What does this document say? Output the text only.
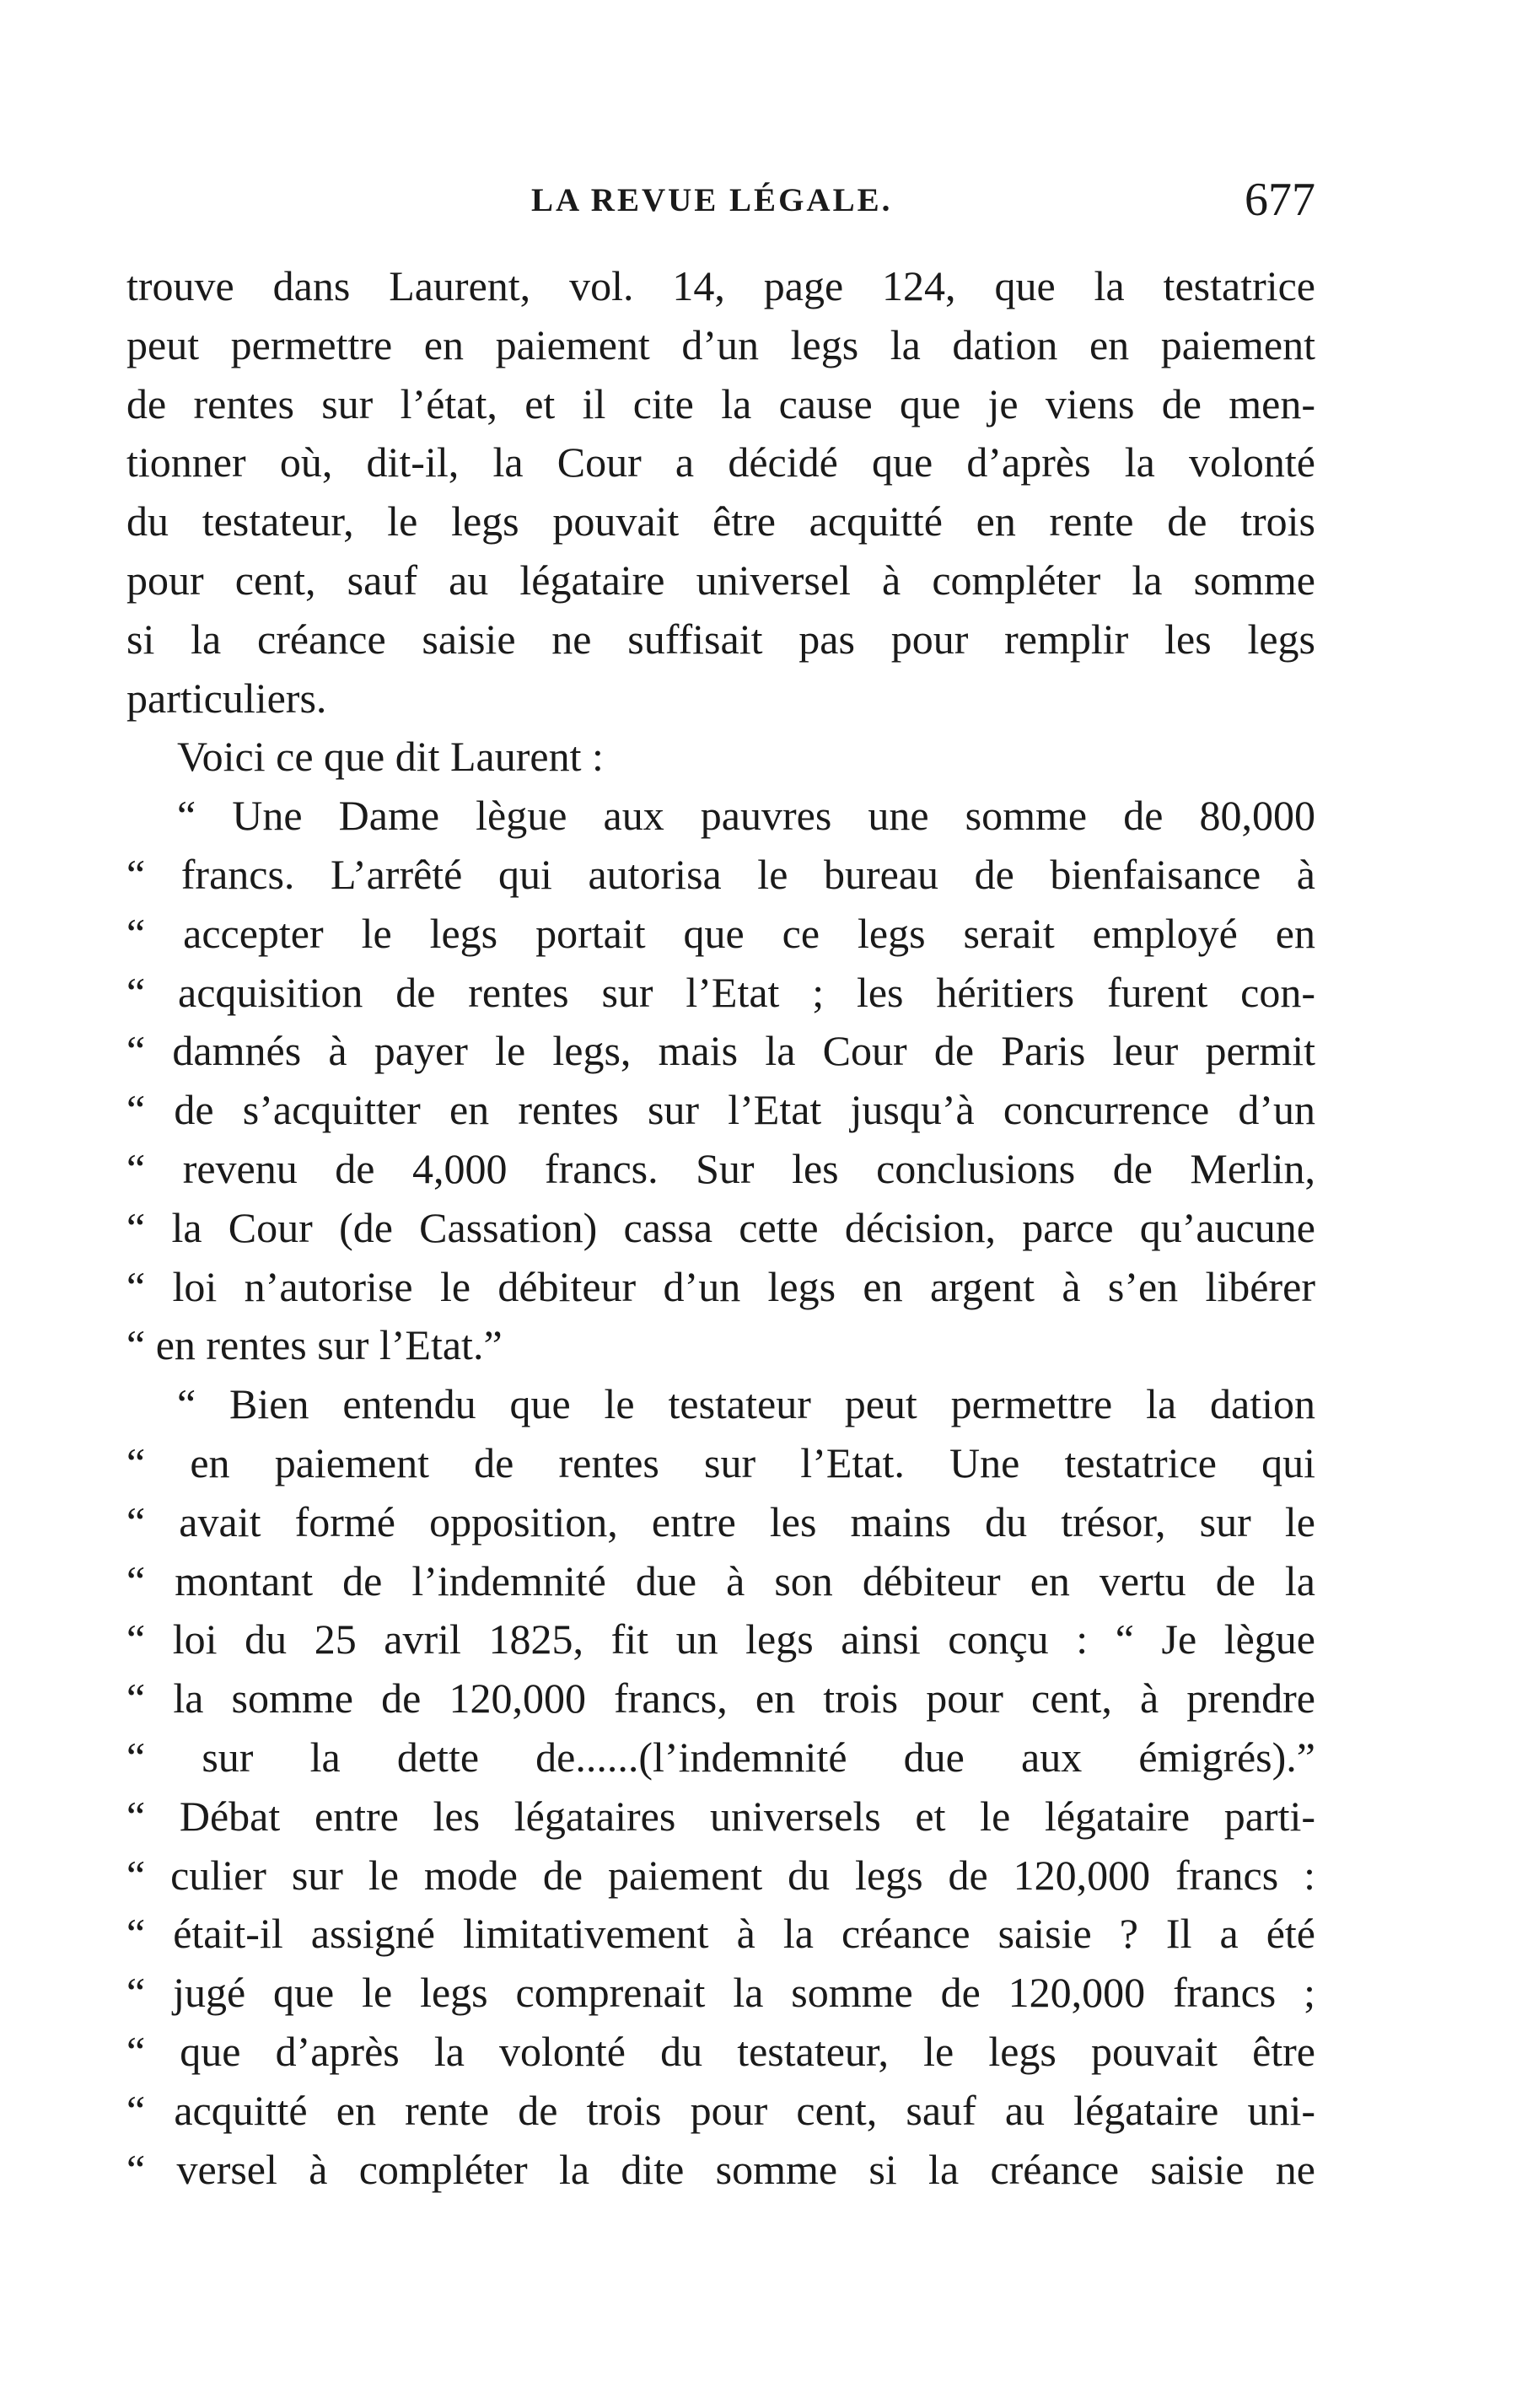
LA REVUE LÉGALE.	677
trouve dans Laurent, vol. 14, page 124, que la testatrice
peut permettre en paiement d’un legs la dation en paiement
de rentes sur l’état, et il cite la cause que je viens de men-
tionner où, dit-il, la Cour a décidé que d’après la volonté
du testateur, le legs pouvait être acquitté en rente de trois
pour cent, sauf au légataire universel à compléter la somme
si la créance saisie ne suffisait pas pour remplir les legs
particuliers.
Voici ce que dit Laurent :
“ Une Dame lègue aux pauvres une somme de 80,000
“ francs. L’arrêté qui autorisa le bureau de bienfaisance à
“ accepter le legs portait que ce legs serait employé en
“ acquisition de rentes sur l’Etat ; les héritiers furent con-
“ damnés à payer le legs, mais la Cour de Paris leur permit
“ de s’acquitter en rentes sur l’Etat jusqu’à concurrence d’un
“ revenu de 4,000 francs. Sur les conclusions de Merlin,
“ la Cour (de Cassation) cassa cette décision, parce qu’aucune
“ loi n’autorise le débiteur d’un legs en argent à s’en libérer
“ en rentes sur l’Etat.”
“ Bien entendu que le testateur peut permettre la dation
“ en paiement de rentes sur l’Etat. Une testatrice qui
“ avait formé opposition, entre les mains du trésor, sur le
“ montant de l’indemnité due à son débiteur en vertu de la
“ loi du 25 avril 1825, fit un legs ainsi conçu : “ Je lègue
“ la somme de 120,000 francs, en trois pour cent, à prendre
“ sur la dette de......(l’indemnité due aux émigrés).”
“ Débat entre les légataires universels et le légataire parti-
“ culier sur le mode de paiement du legs de 120,000 francs :
“ était-il assigné limitativement à la créance saisie ? Il a été
“ jugé que le legs comprenait la somme de 120,000 francs ;
“ que d’après la volonté du testateur, le legs pouvait être
“ acquitté en rente de trois pour cent, sauf au légataire uni-
“ versel à compléter la dite somme si la créance saisie ne
